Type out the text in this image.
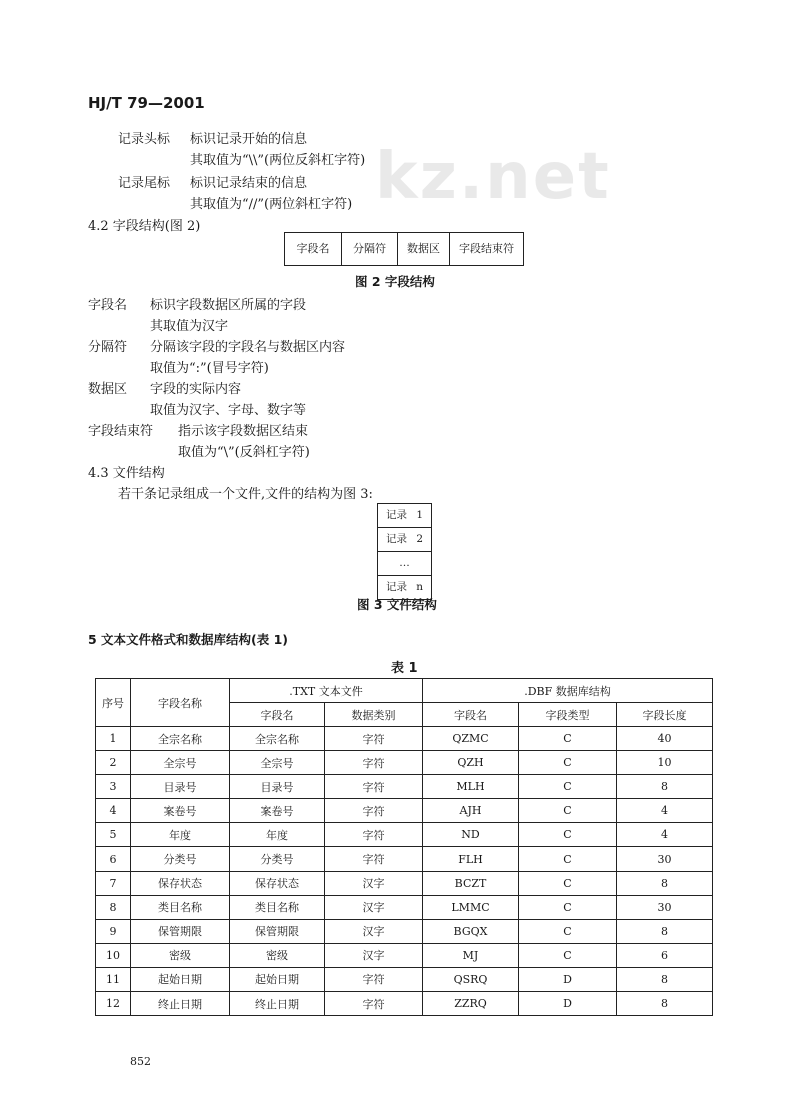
HJ/T 79—2001
kz.net
记录头标 标识记录开始的信息
其取值为“\\”(两位反斜杠字符)
记录尾标 标识记录结束的信息
其取值为“//”(两位斜杠字符)
4.2 字段结构(图 2)
字段名	分隔符	数据区	字段结束符
图 2 字段结构
字段名 标识字段数据区所属的字段
其取值为汉字
分隔符 分隔该字段的字段名与数据区内容
取值为“:”(冒号字符)
数据区 字段的实际内容
取值为汉字、字母、数字等
字段结束符 指示该字段数据区结束
取值为“\”(反斜杠字符)
4.3 文件结构
若干条记录组成一个文件,文件的结构为图 3:
记录 1
记录 2
…
记录 n
图 3 文件结构
5 文本文件格式和数据库结构(表 1)
表 1
序号	字段名称	.TXT 文本文件		.DBF 数据库结构		
		字段名	数据类别	字段名	字段类型	字段长度
1	全宗名称	全宗名称	字符	QZMC	C	40
2	全宗号	全宗号	字符	QZH	C	10
3	目录号	目录号	字符	MLH	C	8
4	案卷号	案卷号	字符	AJH	C	4
5	年度	年度	字符	ND	C	4
6	分类号	分类号	字符	FLH	C	30
7	保存状态	保存状态	汉字	BCZT	C	8
8	类目名称	类目名称	汉字	LMMC	C	30
9	保管期限	保管期限	汉字	BGQX	C	8
10	密级	密级	汉字	MJ	C	6
11	起始日期	起始日期	字符	QSRQ	D	8
12	终止日期	终止日期	字符	ZZRQ	D	8
852
